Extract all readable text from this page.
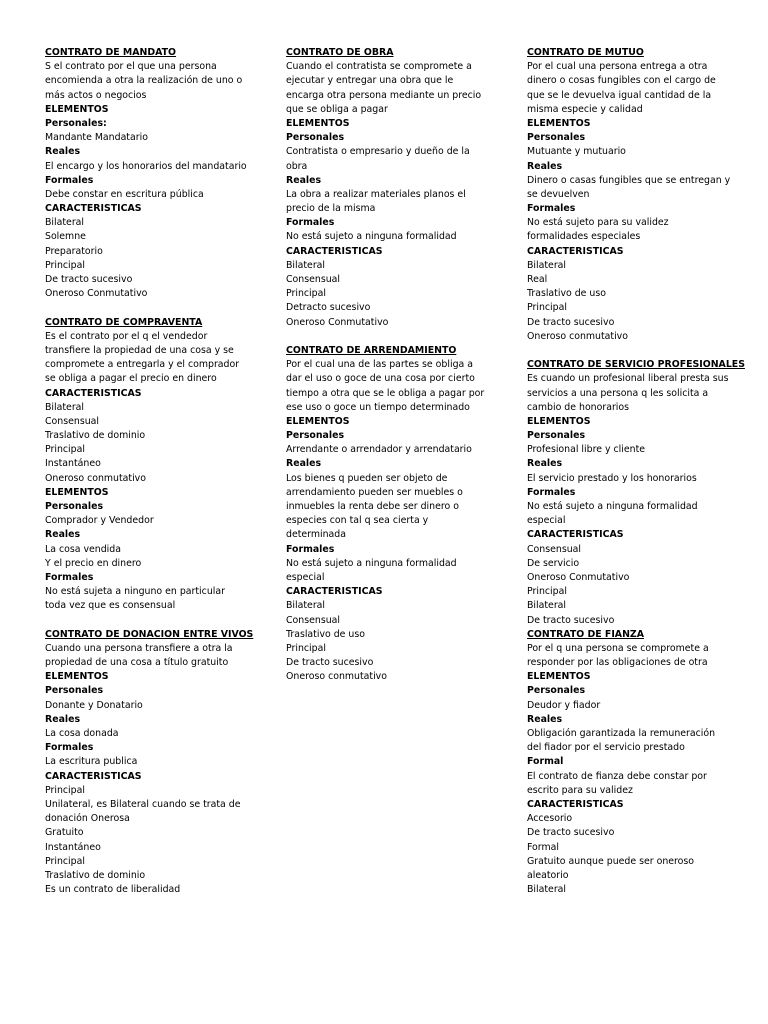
CONTRATO DE MANDATO
S el contrato por el que una persona
encomienda a otra la realización de uno o
más actos o negocios
ELEMENTOS
Personales:
Mandante Mandatario
Reales
El encargo y los honorarios del mandatario
Formales
Debe constar en escritura pública
CARACTERISTICAS
Bilateral
Solemne
Preparatorio
Principal
De tracto sucesivo
Oneroso Conmutativo
CONTRATO DE COMPRAVENTA
Es el contrato por el q el vendedor
transfiere la propiedad de una cosa y se
compromete a entregarla y el comprador
se obliga a pagar el precio en dinero
CARACTERISTICAS
Bilateral
Consensual
Traslativo de dominio
Principal
Instantáneo
Oneroso conmutativo
ELEMENTOS
Personales
Comprador y Vendedor
Reales
La cosa vendida
Y el precio en dinero
Formales
No está sujeta a ninguno en particular
toda vez que es consensual
CONTRATO DE DONACION ENTRE VIVOS
Cuando una persona transfiere a otra la
propiedad de una cosa a título gratuito
ELEMENTOS
Personales
Donante y Donatario
Reales
La cosa donada
Formales
La escritura publica
CARACTERISTICAS
Principal
Unilateral, es Bilateral cuando se trata de
donación Onerosa
Gratuito
Instantáneo
Principal
Traslativo de dominio
Es un contrato de liberalidad
CONTRATO DE OBRA
Cuando el contratista se compromete a
ejecutar y entregar una obra que le
encarga otra persona mediante un precio
que se obliga a pagar
ELEMENTOS
Personales
Contratista o empresario y dueño de la
obra
Reales
La obra a realizar materiales planos el
precio de la misma
Formales
No está sujeto a ninguna formalidad
CARACTERISTICAS
Bilateral
Consensual
Principal
Detracto sucesivo
Oneroso Conmutativo
CONTRATO DE ARRENDAMIENTO
Por el cual una de las partes se obliga a
dar el uso o goce de una cosa por cierto
tiempo a otra que se le obliga a pagar por
ese uso o goce un tiempo determinado
ELEMENTOS
Personales
Arrendante o arrendador y arrendatario
Reales
Los bienes q pueden ser objeto de
arrendamiento pueden ser muebles o
inmuebles la renta debe ser dinero o
especies con tal q sea cierta y
determinada
Formales
No está sujeto a ninguna formalidad
especial
CARACTERISTICAS
Bilateral
Consensual
Traslativo de uso
Principal
De tracto sucesivo
Oneroso conmutativo
CONTRATO DE MUTUO
Por el cual una persona entrega a otra
dinero o cosas fungibles con el cargo de
que se le devuelva igual cantidad de la
misma especie y calidad
ELEMENTOS
Personales
Mutuante y mutuario
Reales
Dinero o casas fungibles que se entregan y
se devuelven
Formales
No está sujeto para su validez
formalidades especiales
CARACTERISTICAS
Bilateral
Real
Traslativo de uso
Principal
De tracto sucesivo
Oneroso conmutativo
CONTRATO DE SERVICIO PROFESIONALES
Es cuando un profesional liberal presta sus
servicios a una persona q les solicita a
cambio de honorarios
ELEMENTOS
Personales
Profesional libre y cliente
Reales
El servicio prestado y los honorarios
Formales
No está sujeto a ninguna formalidad
especial
CARACTERISTICAS
Consensual
De servicio
Oneroso Conmutativo
Principal
Bilateral
De tracto sucesivo
CONTRATO DE FIANZA
Por el q una persona se compromete a
responder por las obligaciones de otra
ELEMENTOS
Personales
Deudor y fiador
Reales
Obligación garantizada la remuneración
del fiador por el servicio prestado
Formal
El contrato de fianza debe constar por
escrito para su validez
CARACTERISTICAS
Accesorio
De tracto sucesivo
Formal
Gratuito aunque puede ser oneroso
aleatorio
Bilateral
